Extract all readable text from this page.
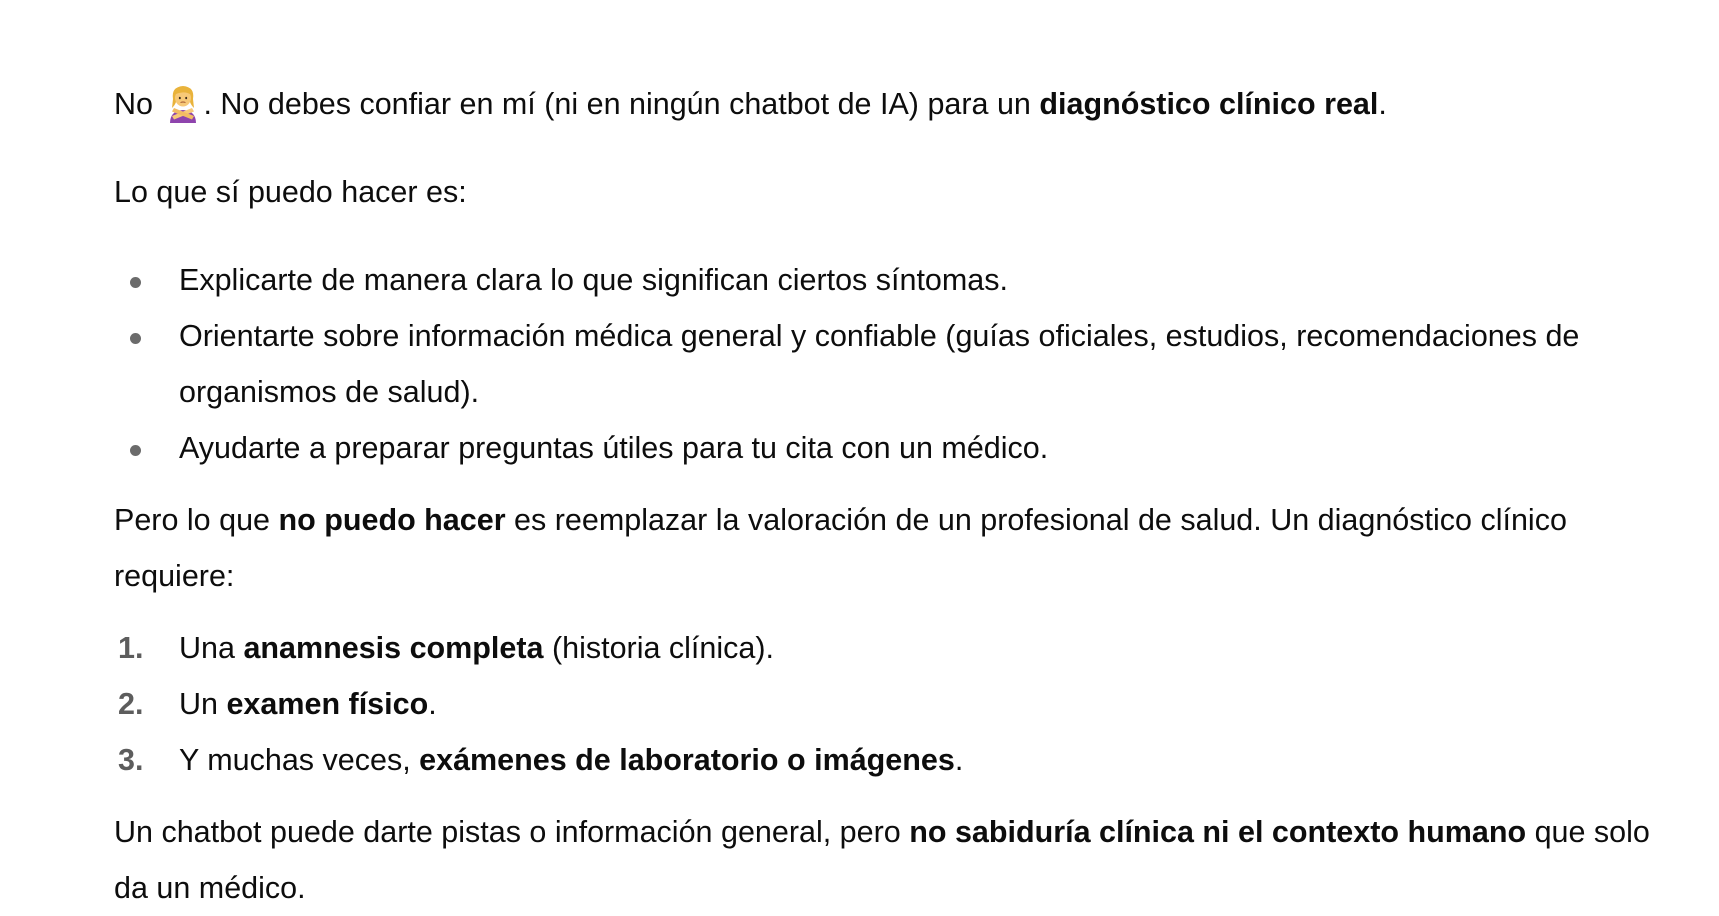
No . No debes confiar en mí (ni en ningún chatbot de IA) para un diagnóstico clínico real.

Lo que sí puedo hacer es:

Explicarte de manera clara lo que significan ciertos síntomas.
Orientarte sobre información médica general y confiable (guías oficiales, estudios, recomendaciones de organismos de salud).
Ayudarte a preparar preguntas útiles para tu cita con un médico.

Pero lo que no puedo hacer es reemplazar la valoración de un profesional de salud. Un diagnóstico clínico requiere:

1. Una anamnesis completa (historia clínica).
2. Un examen físico.
3. Y muchas veces, exámenes de laboratorio o imágenes.

Un chatbot puede darte pistas o información general, pero no sabiduría clínica ni el contexto humano que solo da un médico.
